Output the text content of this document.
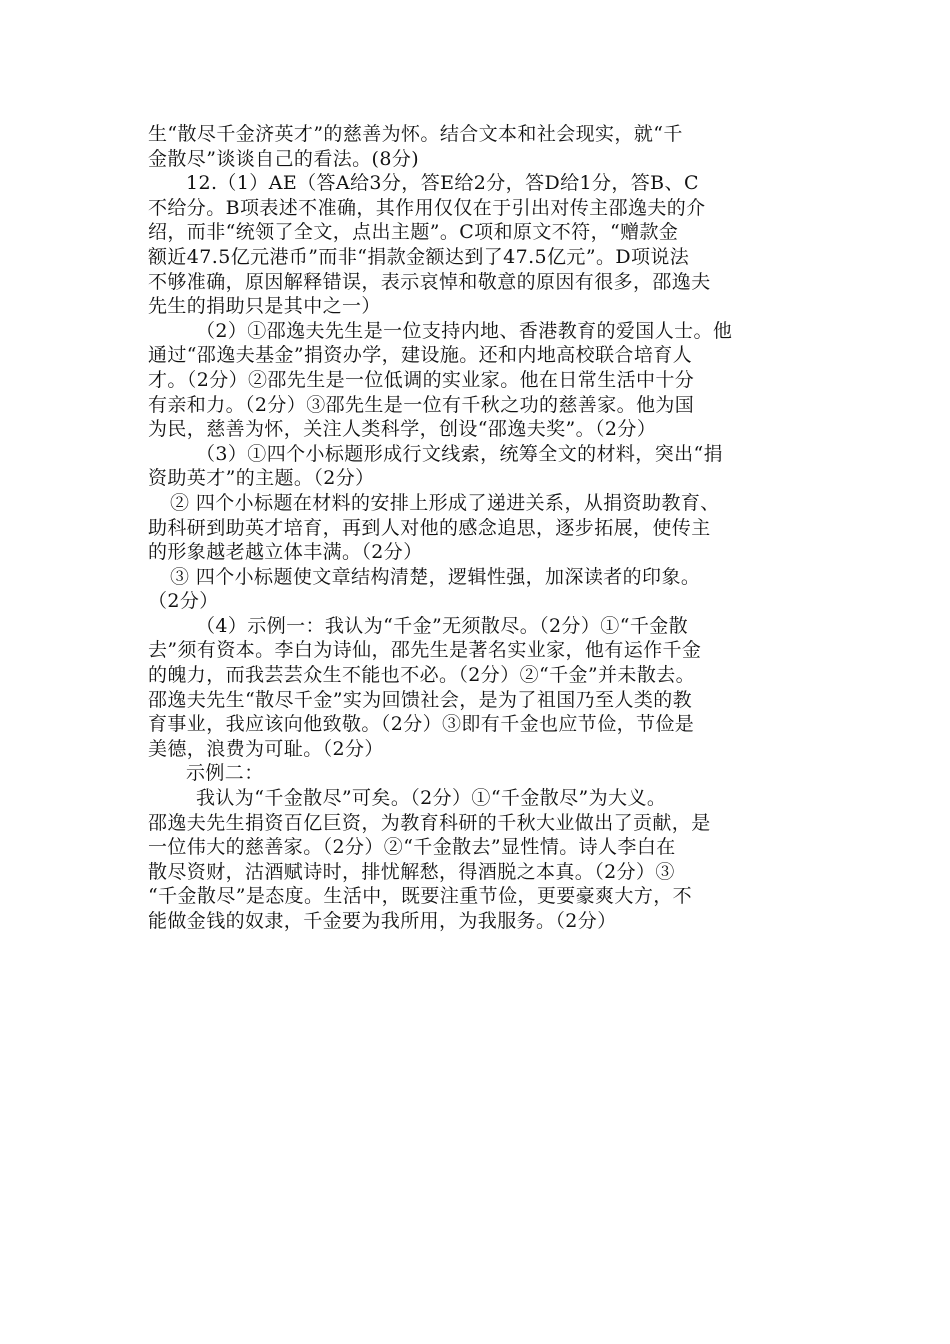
生“散尽千金济英才”的慈善为怀。结合文本和社会现实，就“千
金散尽”谈谈自己的看法。(8分)
12.（1）AE（答A给3分，答E给2分，答D给1分，答B、C
不给分。B项表述不准确，其作用仅仅在于引出对传主邵逸夫的介
绍，而非“统领了全文，点出主题”。C项和原文不符，“赠款金
额近47.5亿元港币”而非“捐款金额达到了47.5亿元”。D项说法
不够准确，原因解释错误，表示哀悼和敬意的原因有很多，邵逸夫
先生的捐助只是其中之一）
（2）①邵逸夫先生是一位支持内地、香港教育的爱国人士。他
通过“邵逸夫基金”捐资办学，建设施。还和内地高校联合培育人
才。（2分）②邵先生是一位低调的实业家。他在日常生活中十分
有亲和力。（2分）③邵先生是一位有千秋之功的慈善家。他为国
为民，慈善为怀，关注人类科学，创设“邵逸夫奖”。（2分）
（3）①四个小标题形成行文线索，统筹全文的材料，突出“捐
资助英才”的主题。（2分）
② 四个小标题在材料的安排上形成了递进关系，从捐资助教育、
助科研到助英才培育，再到人对他的感念追思，逐步拓展，使传主
的形象越老越立体丰满。（2分）
③ 四个小标题使文章结构清楚，逻辑性强，加深读者的印象。
（2分）
（4）示例一：我认为“千金”无须散尽。（2分）①“千金散
去”须有资本。李白为诗仙，邵先生是著名实业家，他有运作千金
的魄力，而我芸芸众生不能也不必。（2分）②“千金”并未散去。
邵逸夫先生“散尽千金”实为回馈社会，是为了祖国乃至人类的教
育事业，我应该向他致敬。（2分）③即有千金也应节俭，节俭是
美德，浪费为可耻。（2分）
示例二：
我认为“千金散尽”可矣。（2分）①“千金散尽”为大义。
邵逸夫先生捐资百亿巨资，为教育科研的千秋大业做出了贡献，是
一位伟大的慈善家。（2分）②“千金散去”显性情。诗人李白在
散尽资财，沽酒赋诗时，排忧解愁，得酒脱之本真。（2分）③
“千金散尽”是态度。生活中，既要注重节俭，更要豪爽大方，不
能做金钱的奴隶，千金要为我所用，为我服务。（2分）
